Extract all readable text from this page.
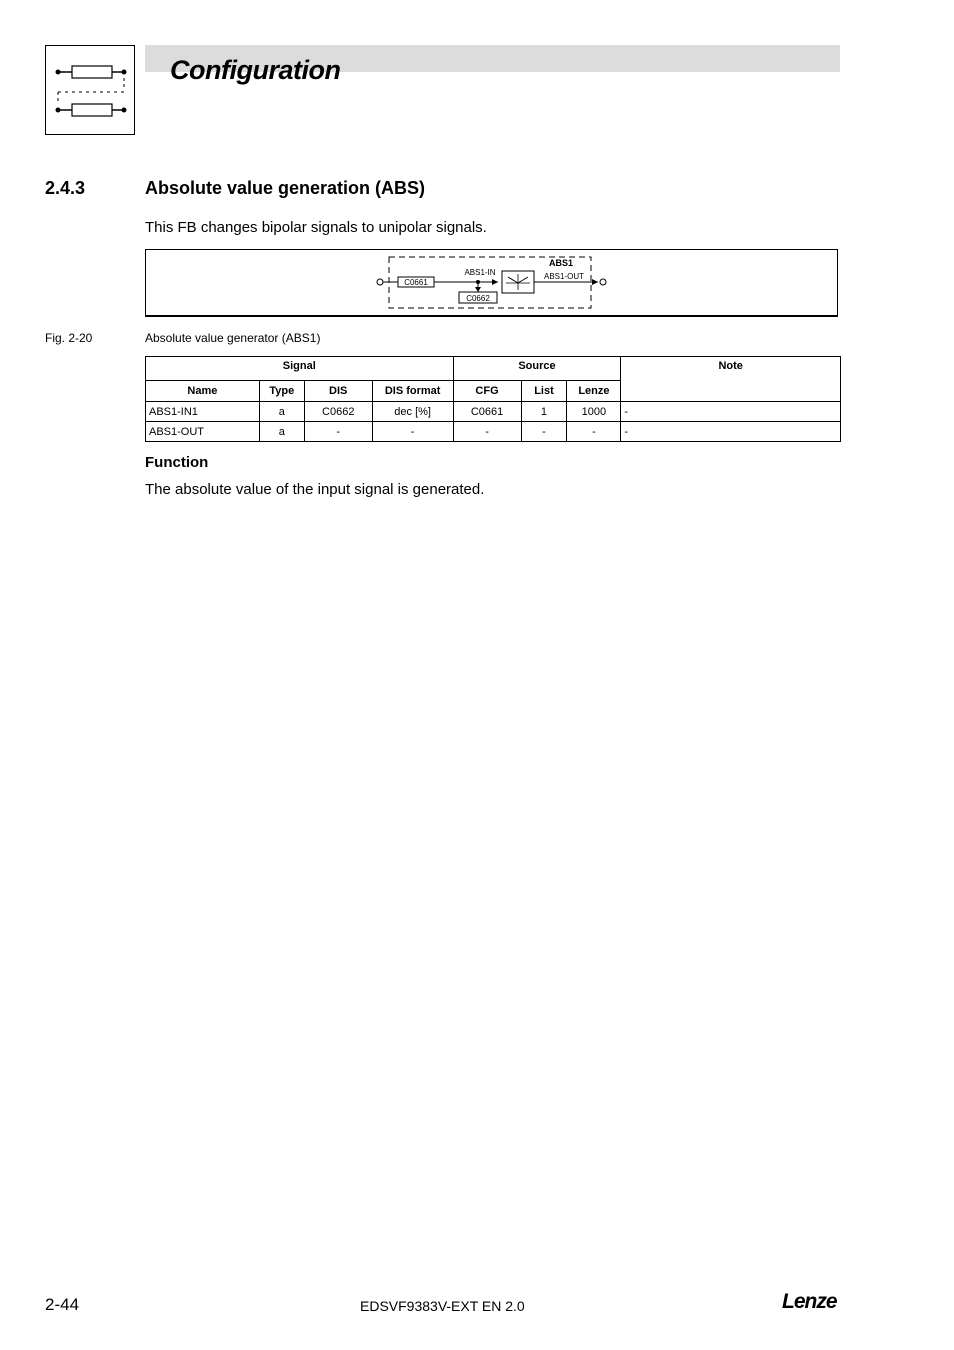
Configuration
2.4.3	Absolute value generation (ABS)
This FB changes bipolar signals to unipolar signals.
ABS1
C0661
ABS1-IN
C0662
ABS1-OUT
Fig. 2-20	Absolute value generator (ABS1)
Signal				Source			Note
Name	Type	DIS	DIS format	CFG	List	Lenze	
ABS1-IN1	a	C0662	dec [%]	C0661	1	1000	-
ABS1-OUT	a	-	-	-	-	-	-
Function
The absolute value of the input signal is generated.
2-44	EDSVF9383V-EXT EN 2.0	Lenze
